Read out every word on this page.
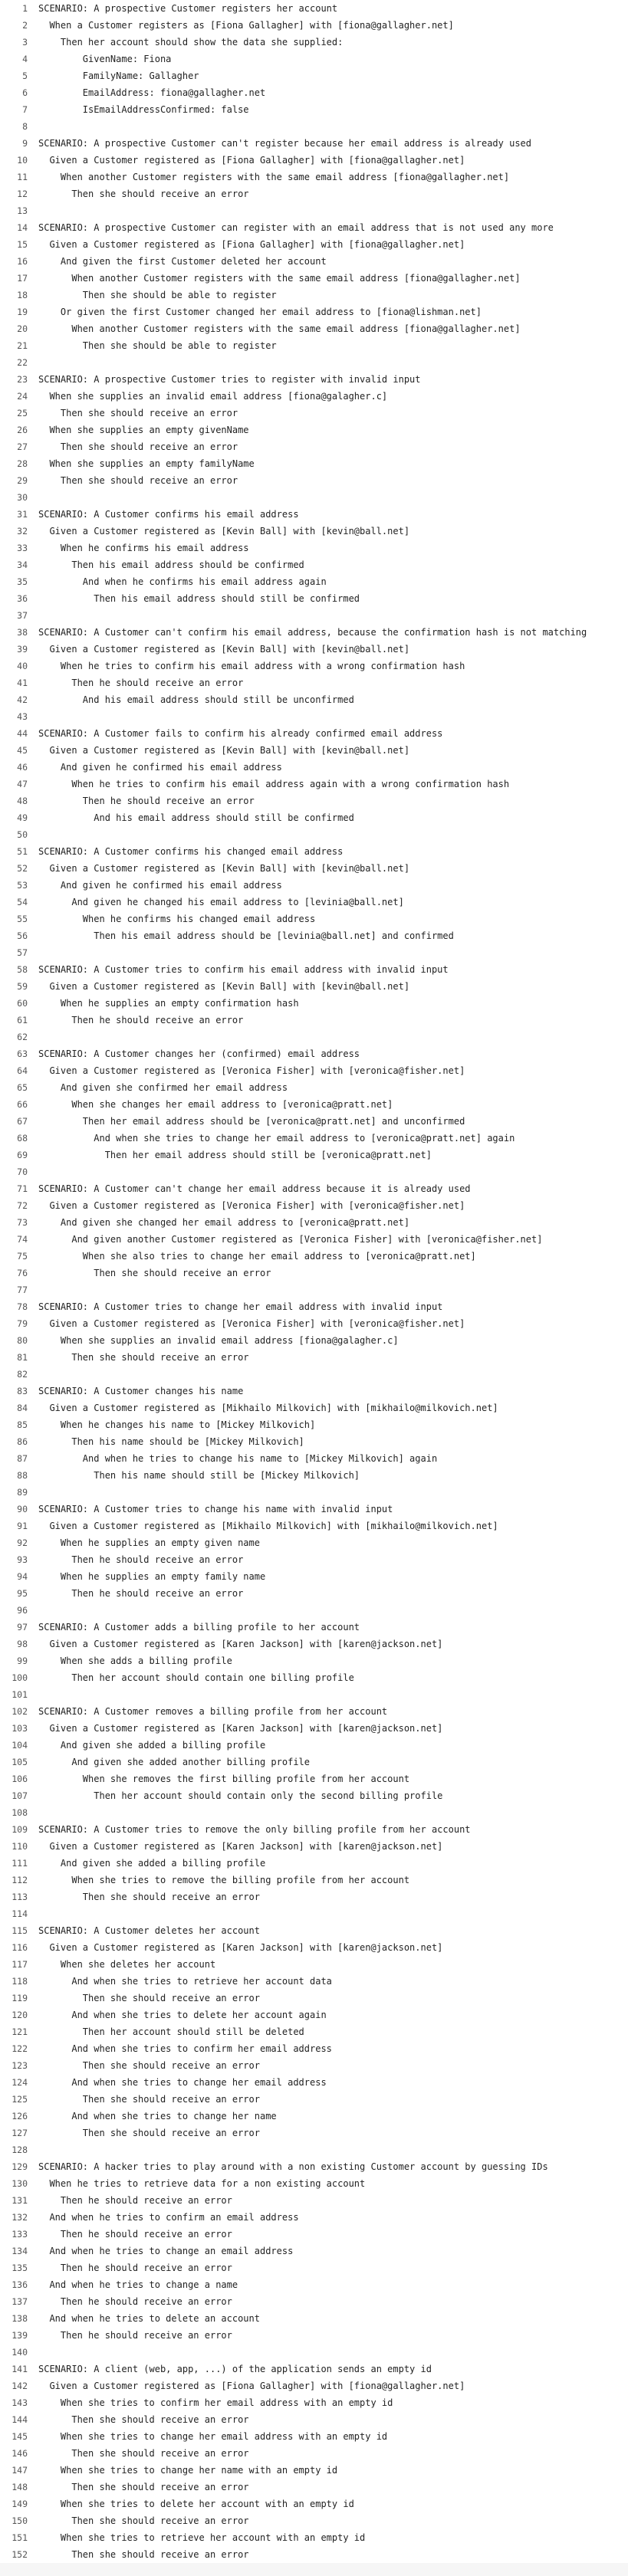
1	SCENARIO: A prospective Customer registers her account
2	When a Customer registers as [Fiona Gallagher] with [fiona@gallagher.net]
3	Then her account should show the data she supplied:
4	GivenName: Fiona
5	FamilyName: Gallagher
6	EmailAddress: fiona@gallagher.net
7	IsEmailAddressConfirmed: false
8
9	SCENARIO: A prospective Customer can't register because her email address is already used
10	Given a Customer registered as [Fiona Gallagher] with [fiona@gallagher.net]
11	When another Customer registers with the same email address [fiona@gallagher.net]
12	Then she should receive an error
13
14	SCENARIO: A prospective Customer can register with an email address that is not used any more
15	Given a Customer registered as [Fiona Gallagher] with [fiona@gallagher.net]
16	And given the first Customer deleted her account
17	When another Customer registers with the same email address [fiona@gallagher.net]
18	Then she should be able to register
19	Or given the first Customer changed her email address to [fiona@lishman.net]
20	When another Customer registers with the same email address [fiona@gallagher.net]
21	Then she should be able to register
22
23	SCENARIO: A prospective Customer tries to register with invalid input
24	When she supplies an invalid email address [fiona@galagher.c]
25	Then she should receive an error
26	When she supplies an empty givenName
27	Then she should receive an error
28	When she supplies an empty familyName
29	Then she should receive an error
30
31	SCENARIO: A Customer confirms his email address
32	Given a Customer registered as [Kevin Ball] with [kevin@ball.net]
33	When he confirms his email address
34	Then his email address should be confirmed
35	And when he confirms his email address again
36	Then his email address should still be confirmed
37
38	SCENARIO: A Customer can't confirm his email address, because the confirmation hash is not matching
39	Given a Customer registered as [Kevin Ball] with [kevin@ball.net]
40	When he tries to confirm his email address with a wrong confirmation hash
41	Then he should receive an error
42	And his email address should still be unconfirmed
43
44	SCENARIO: A Customer fails to confirm his already confirmed email address
45	Given a Customer registered as [Kevin Ball] with [kevin@ball.net]
46	And given he confirmed his email address
47	When he tries to confirm his email address again with a wrong confirmation hash
48	Then he should receive an error
49	And his email address should still be confirmed
50
51	SCENARIO: A Customer confirms his changed email address
52	Given a Customer registered as [Kevin Ball] with [kevin@ball.net]
53	And given he confirmed his email address
54	And given he changed his email address to [levinia@ball.net]
55	When he confirms his changed email address
56	Then his email address should be [levinia@ball.net] and confirmed
57
58	SCENARIO: A Customer tries to confirm his email address with invalid input
59	Given a Customer registered as [Kevin Ball] with [kevin@ball.net]
60	When he supplies an empty confirmation hash
61	Then he should receive an error
62
63	SCENARIO: A Customer changes her (confirmed) email address
64	Given a Customer registered as [Veronica Fisher] with [veronica@fisher.net]
65	And given she confirmed her email address
66	When she changes her email address to [veronica@pratt.net]
67	Then her email address should be [veronica@pratt.net] and unconfirmed
68	And when she tries to change her email address to [veronica@pratt.net] again
69	Then her email address should still be [veronica@pratt.net]
70
71	SCENARIO: A Customer can't change her email address because it is already used
72	Given a Customer registered as [Veronica Fisher] with [veronica@fisher.net]
73	And given she changed her email address to [veronica@pratt.net]
74	And given another Customer registered as [Veronica Fisher] with [veronica@fisher.net]
75	When she also tries to change her email address to [veronica@pratt.net]
76	Then she should receive an error
77
78	SCENARIO: A Customer tries to change her email address with invalid input
79	Given a Customer registered as [Veronica Fisher] with [veronica@fisher.net]
80	When she supplies an invalid email address [fiona@galagher.c]
81	Then she should receive an error
82
83	SCENARIO: A Customer changes his name
84	Given a Customer registered as [Mikhailo Milkovich] with [mikhailo@milkovich.net]
85	When he changes his name to [Mickey Milkovich]
86	Then his name should be [Mickey Milkovich]
87	And when he tries to change his name to [Mickey Milkovich] again
88	Then his name should still be [Mickey Milkovich]
89
90	SCENARIO: A Customer tries to change his name with invalid input
91	Given a Customer registered as [Mikhailo Milkovich] with [mikhailo@milkovich.net]
92	When he supplies an empty given name
93	Then he should receive an error
94	When he supplies an empty family name
95	Then he should receive an error
96
97	SCENARIO: A Customer adds a billing profile to her account
98	Given a Customer registered as [Karen Jackson] with [karen@jackson.net]
99	When she adds a billing profile
100	Then her account should contain one billing profile
101
102	SCENARIO: A Customer removes a billing profile from her account
103	Given a Customer registered as [Karen Jackson] with [karen@jackson.net]
104	And given she added a billing profile
105	And given she added another billing profile
106	When she removes the first billing profile from her account
107	Then her account should contain only the second billing profile
108
109	SCENARIO: A Customer tries to remove the only billing profile from her account
110	Given a Customer registered as [Karen Jackson] with [karen@jackson.net]
111	And given she added a billing profile
112	When she tries to remove the billing profile from her account
113	Then she should receive an error
114
115	SCENARIO: A Customer deletes her account
116	Given a Customer registered as [Karen Jackson] with [karen@jackson.net]
117	When she deletes her account
118	And when she tries to retrieve her account data
119	Then she should receive an error
120	And when she tries to delete her account again
121	Then her account should still be deleted
122	And when she tries to confirm her email address
123	Then she should receive an error
124	And when she tries to change her email address
125	Then she should receive an error
126	And when she tries to change her name
127	Then she should receive an error
128
129	SCENARIO: A hacker tries to play around with a non existing Customer account by guessing IDs
130	When he tries to retrieve data for a non existing account
131	Then he should receive an error
132	And when he tries to confirm an email address
133	Then he should receive an error
134	And when he tries to change an email address
135	Then he should receive an error
136	And when he tries to change a name
137	Then he should receive an error
138	And when he tries to delete an account
139	Then he should receive an error
140
141	SCENARIO: A client (web, app, ...) of the application sends an empty id
142	Given a Customer registered as [Fiona Gallagher] with [fiona@gallagher.net]
143	When she tries to confirm her email address with an empty id
144	Then she should receive an error
145	When she tries to change her email address with an empty id
146	Then she should receive an error
147	When she tries to change her name with an empty id
148	Then she should receive an error
149	When she tries to delete her account with an empty id
150	Then she should receive an error
151	When she tries to retrieve her account with an empty id
152	Then she should receive an error
